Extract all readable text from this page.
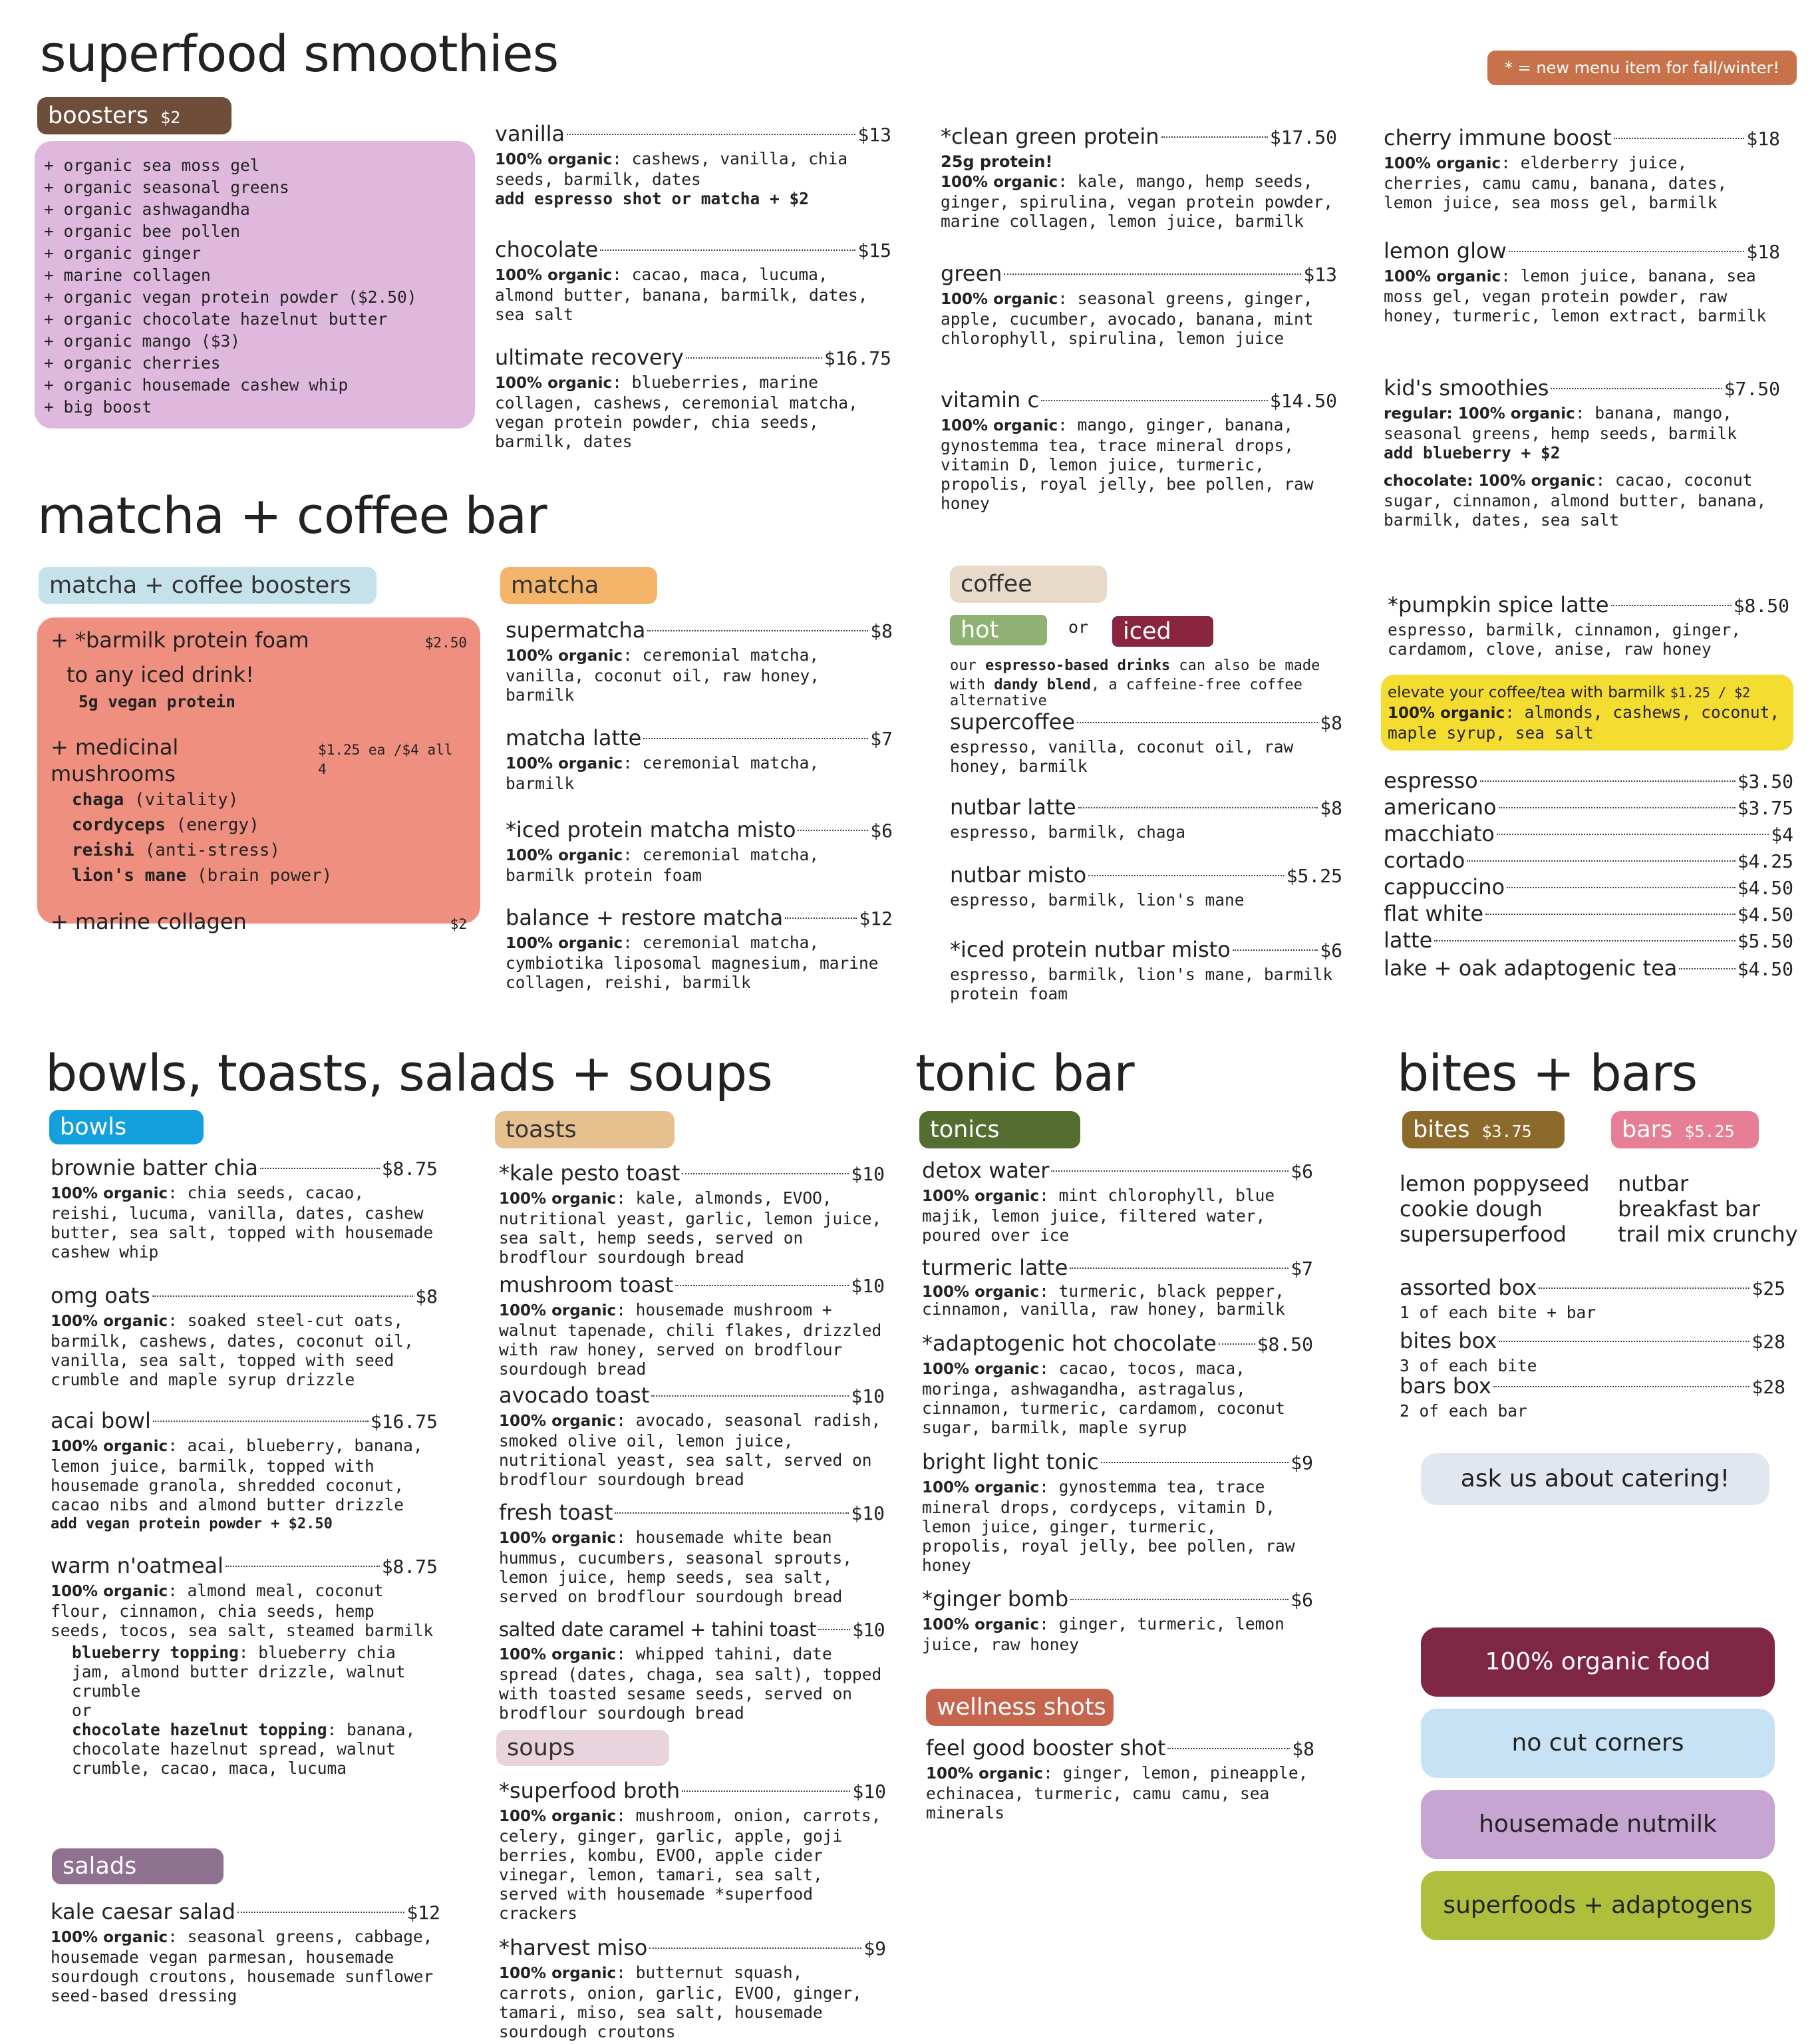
* = new menu item for fall/winter!
superfood smoothies
boosters $2
+ organic sea moss gel
+ organic seasonal greens
+ organic ashwagandha
+ organic bee pollen
+ organic ginger
+ marine collagen
+ organic vegan protein powder ($2.50)
+ organic chocolate hazelnut butter
+ organic mango ($3)
+ organic cherries
+ organic housemade cashew whip
+ big boost
vanilla	$13
100% organic: cashews, vanilla, chia seeds, barmilk, dates
add espresso shot or matcha + $2
chocolate	$15
100% organic: cacao, maca, lucuma, almond butter, banana, barmilk, dates, sea salt
ultimate recovery	$16.75
100% organic: blueberries, marine collagen, cashews, ceremonial matcha, vegan protein powder, chia seeds, barmilk, dates
*clean green protein	$17.50
25g protein!
100% organic: kale, mango, hemp seeds, ginger, spirulina, vegan protein powder, marine collagen, lemon juice, barmilk
green	$13
100% organic: seasonal greens, ginger, apple, cucumber, avocado, banana, mint chlorophyll, spirulina, lemon juice
vitamin c	$14.50
100% organic: mango, ginger, banana, gynostemma tea, trace mineral drops, vitamin D, lemon juice, turmeric, propolis, royal jelly, bee pollen, raw honey
cherry immune boost	$18
100% organic: elderberry juice, cherries, camu camu, banana, dates, lemon juice, sea moss gel, barmilk
lemon glow	$18
100% organic: lemon juice, banana, sea moss gel, vegan protein powder, raw honey, turmeric, lemon extract, barmilk
kid's smoothies	$7.50
regular: 100% organic: banana, mango, seasonal greens, hemp seeds, barmilk
add blueberry + $2
chocolate: 100% organic: cacao, coconut sugar, cinnamon, almond butter, banana, barmilk, dates, sea salt
matcha + coffee bar
matcha + coffee boosters
+ *barmilk protein foam	$2.50
to any iced drink!
5g vegan protein
+ medicinal mushrooms
$1.25 ea /$4 all 4
chaga (vitality)
cordyceps (energy)
reishi (anti-stress)
lion's mane (brain power)
+ marine collagen	$2
matcha
supermatcha	$8
100% organic: ceremonial matcha, vanilla, coconut oil, raw honey, barmilk
matcha latte	$7
100% organic: ceremonial matcha, barmilk
*iced protein matcha misto	$6
100% organic: ceremonial matcha, barmilk protein foam
balance + restore matcha	$12
100% organic: ceremonial matcha, cymbiotika liposomal magnesium, marine collagen, reishi, barmilk
coffee
hot	or	iced
our espresso-based drinks can also be made with dandy blend, a caffeine-free coffee alternative
supercoffee	$8
espresso, vanilla, coconut oil, raw honey, barmilk
nutbar latte	$8
espresso, barmilk, chaga
nutbar misto	$5.25
espresso, barmilk, lion's mane
*iced protein nutbar misto	$6
espresso, barmilk, lion's mane, barmilk protein foam
*pumpkin spice latte	$8.50
espresso, barmilk, cinnamon, ginger, cardamom, clove, anise, raw honey
elevate your coffee/tea with barmilk $1.25 / $2
100% organic: almonds, cashews, coconut, maple syrup, sea salt
espresso	$3.50
americano	$3.75
macchiato	$4
cortado	$4.25
cappuccino	$4.50
flat white	$4.50
latte	$5.50
lake + oak adaptogenic tea	$4.50
bowls, toasts, salads + soups
bowls
brownie batter chia	$8.75
100% organic: chia seeds, cacao, reishi, lucuma, vanilla, dates, cashew butter, sea salt, topped with housemade cashew whip
omg oats	$8
100% organic: soaked steel-cut oats, barmilk, cashews, dates, coconut oil, vanilla, sea salt, topped with seed crumble and maple syrup drizzle
acai bowl	$16.75
100% organic: acai, blueberry, banana, lemon juice, barmilk, topped with housemade granola, shredded coconut, cacao nibs and almond butter drizzle
add vegan protein powder + $2.50
warm n'oatmeal	$8.75
100% organic: almond meal, coconut flour, cinnamon, chia seeds, hemp seeds, tocos, sea salt, steamed barmilk
blueberry topping: blueberry chia jam, almond butter drizzle, walnut crumble
or
chocolate hazelnut topping: banana, chocolate hazelnut spread, walnut crumble, cacao, maca, lucuma
salads
kale caesar salad	$12
100% organic: seasonal greens, cabbage, housemade vegan parmesan, housemade sourdough croutons, housemade sunflower seed-based dressing
toasts
*kale pesto toast	$10
100% organic: kale, almonds, EVOO, nutritional yeast, garlic, lemon juice, sea salt, hemp seeds, served on brodflour sourdough bread
mushroom toast	$10
100% organic: housemade mushroom + walnut tapenade, chili flakes, drizzled with raw honey, served on brodflour sourdough bread
avocado toast	$10
100% organic: avocado, seasonal radish, smoked olive oil, lemon juice, nutritional yeast, sea salt, served on brodflour sourdough bread
fresh toast	$10
100% organic: housemade white bean hummus, cucumbers, seasonal sprouts, lemon juice, hemp seeds, sea salt, served on brodflour sourdough bread
salted date caramel + tahini toast $10
100% organic: whipped tahini, date spread (dates, chaga, sea salt), topped with toasted sesame seeds, served on brodflour sourdough bread
soups
*superfood broth	$10
100% organic: mushroom, onion, carrots, celery, ginger, garlic, apple, goji berries, kombu, EVOO, apple cider vinegar, lemon, tamari, sea salt, served with housemade *superfood crackers
*harvest miso	$9
100% organic: butternut squash, carrots, onion, garlic, EVOO, ginger, tamari, miso, sea salt, housemade sourdough croutons
tonic bar
tonics
detox water	$6
100% organic: mint chlorophyll, blue majik, lemon juice, filtered water, poured over ice
turmeric latte	$7
100% organic: turmeric, black pepper, cinnamon, vanilla, raw honey, barmilk
*adaptogenic hot chocolate $8.50
100% organic: cacao, tocos, maca, moringa, ashwagandha, astragalus, cinnamon, turmeric, cardamom, coconut sugar, barmilk, maple syrup
bright light tonic	$9
100% organic: gynostemma tea, trace mineral drops, cordyceps, vitamin D, lemon juice, ginger, turmeric, propolis, royal jelly, bee pollen, raw honey
*ginger bomb	$6
100% organic: ginger, turmeric, lemon juice, raw honey
wellness shots
feel good booster shot	$8
100% organic: ginger, lemon, pineapple, echinacea, turmeric, camu camu, sea minerals
bites + bars
bites $3.75	bars $5.25
lemon poppyseed
cookie dough
supersuperfood
nutbar
breakfast bar
trail mix crunchy
assorted box	$25
1 of each bite + bar
bites box	$28
3 of each bite
bars box	$28
2 of each bar
ask us about catering!
100% organic food
no cut corners
housemade nutmilk
superfoods + adaptogens
